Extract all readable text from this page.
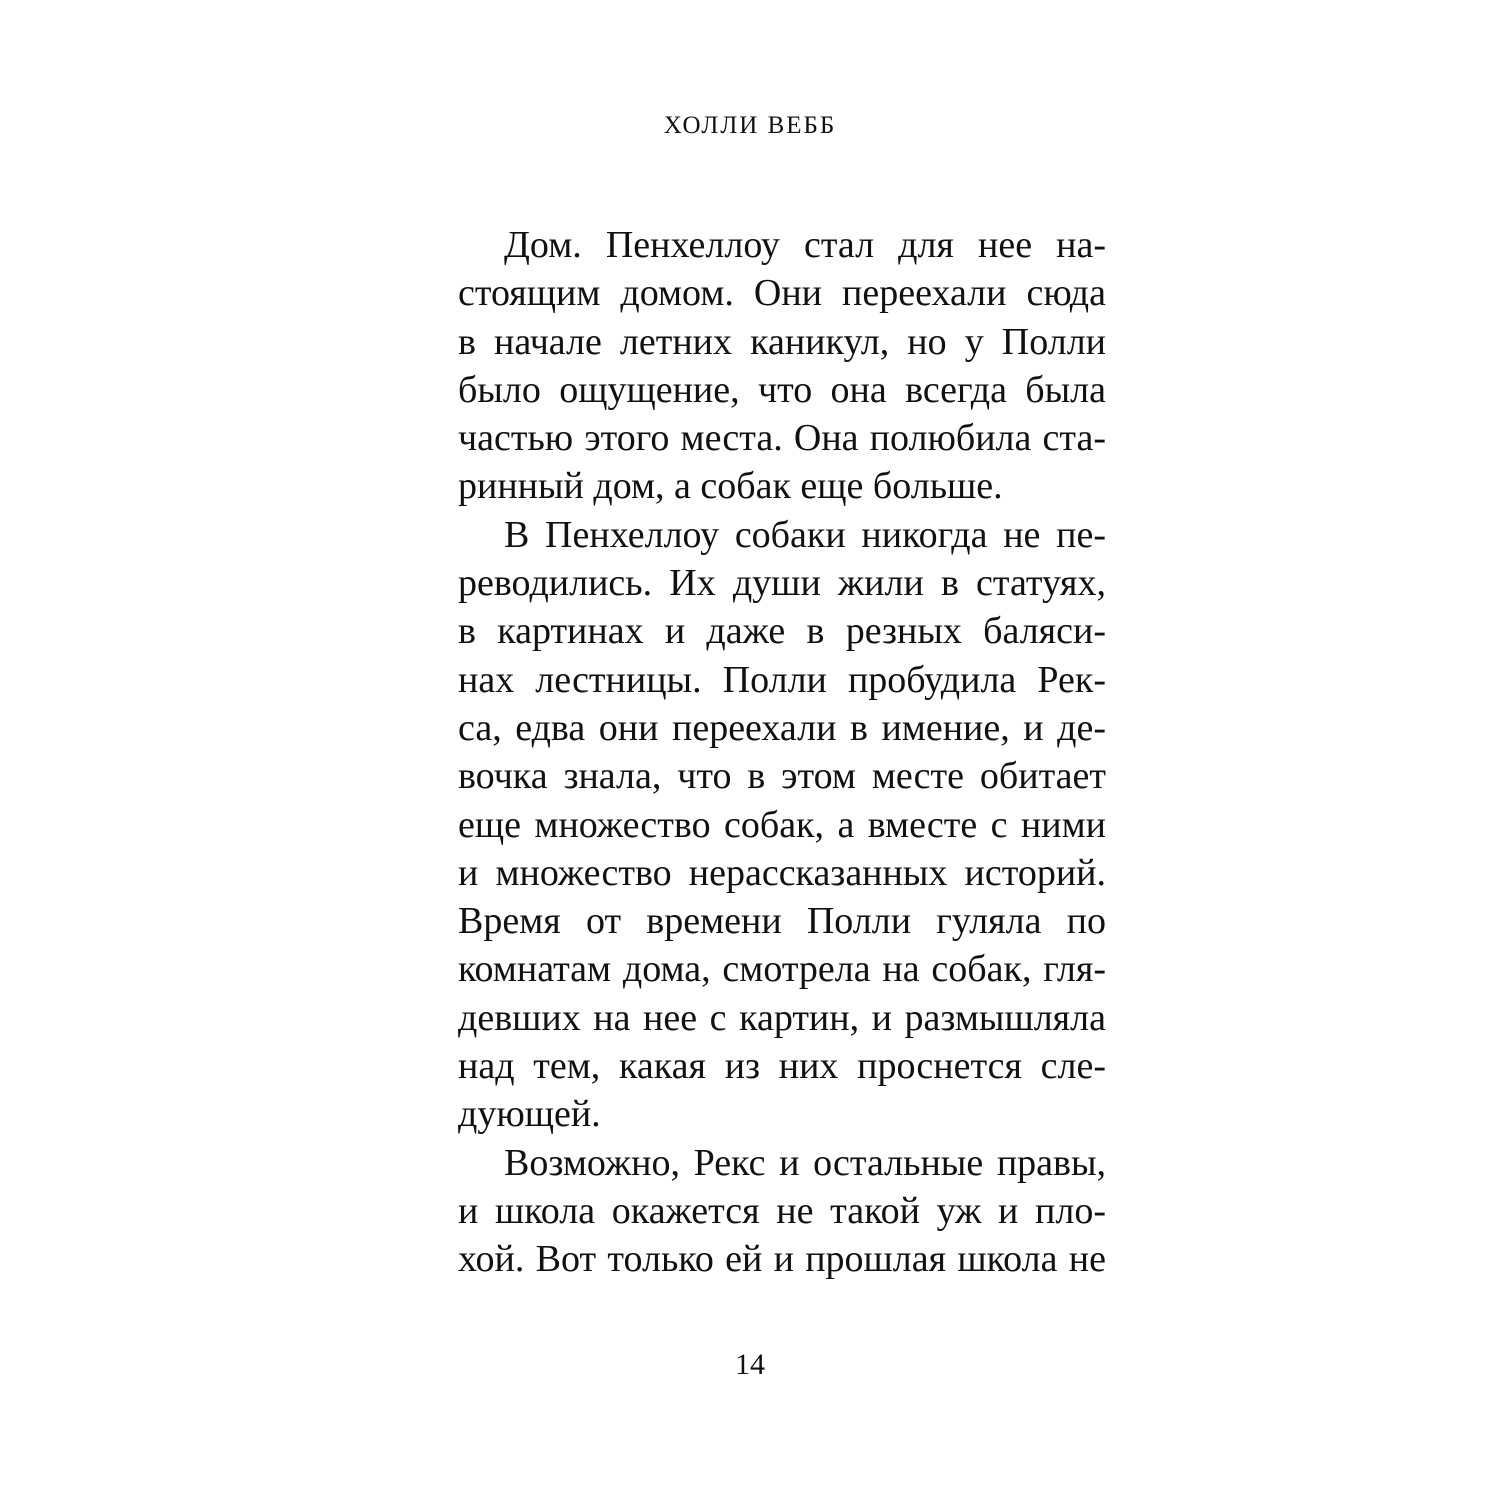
ХОЛЛИ ВЕББ
Дом. Пенхеллоу стал для нее на-
стоящим домом. Они переехали сюда
в начале летних каникул, но у Полли
было ощущение, что она всегда была
частью этого места. Она полюбила ста-
ринный дом, а собак еще больше.
В Пенхеллоу собаки никогда не пе-
реводились. Их души жили в статуях,
в картинах и даже в резных баляси-
нах лестницы. Полли пробудила Рек-
са, едва они переехали в имение, и де-
вочка знала, что в этом месте обитает
еще множество собак, а вместе с ними
и множество нерассказанных историй.
Время от времени Полли гуляла по
комнатам дома, смотрела на собак, гля-
девших на нее с картин, и размышляла
над тем, какая из них проснется сле-
дующей.
Возможно, Рекс и остальные правы,
и школа окажется не такой уж и пло-
хой. Вот только ей и прошлая школа не
14
